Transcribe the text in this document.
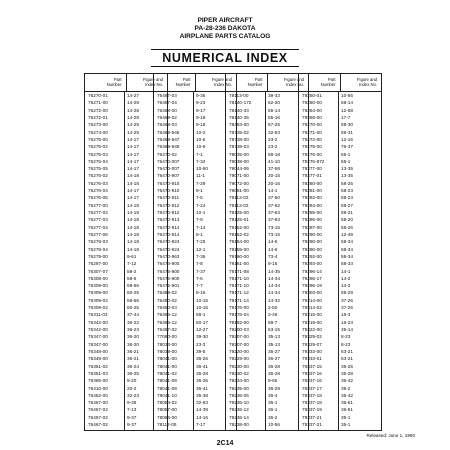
PIPER AIRCRAFT
PA-28-236 DAKOTA
AIRPLANE PARTS CATALOG
NUMERICAL INDEX
Part
Number
Figure and
Index No.
76270-01	14-27
76271-00	14-29
76272-00	14-28
76272-01	14-28
76273-00	14-29
76274-00	14-29
76275-00	14-17
76275-02	14-17
76275-03	14-17
76275-04	14-17
76275-05	14-17
76276-02	14-18
76276-03	14-18
76276-04	14-17
76276-05	14-17
76277-00	14-18
76277-02	14-18
76277-03	14-18
76277-04	14-18
76277-06	14-18
76278-03	14-18
76278-04	14-18
76279-00	9-61
76297-00	7-12
76307-07	58-2
76308-00	58-6
76309-00	58-56
76309-00	60-25
76309-02	58-56
76309-02	60-25
76311-03	37-44
76342-00	36-22
76342-00	36-23
76347-00	36-20
76347-00	36-20
76348-00	36-21
76349-00	36-21
76351-02	36-24
76351-03	36-25
76365-00	9-20
76410-00	20-2
76462-00	32-23
76467-00	9-35
76467-02	7-13
76467-02	9-37
76467-02	9-37
Part
Number
Figure and
Index No.
76467-03	9-36
76467-04	9-23
76468-00	9-17
76468-02	9-18
76468-03	9-18
76469-946	10-2
76469-947	10-6
76469-948	10-6
76470-02	7-1
76470-007	7-34
76470-007	10-50
76470-907	11-1
76470-910	7-29
76470-910	9-1
76470-911	7-5
76470-912	7-24
76470-912	10-1
76470-913	7-9
76470-914	7-14
76470-914	8-1
76470-924	7-25
76470-924	12-1
76470-963	7-36
76474-900	7-8
76475-900	7-37
76476-900	7-6
76476-901	7-7
76489-02	8-16
76490-02	10-15
76490-03	10-15
76496-12	58-1
76496-12	60-17
76497-02	12-27
77080-00	39-30
78033-00	23-3
78039-00	39-5
78041-00	35-26
78041-00	36-41
78041-02	35-28
78041-09	35-26
78041-09	36-41
78041-10	35-38
78054-02	32-63
78057-00	14-39
78086-00	14-16
78112-05	7-17
Part
Number
Figure and
Index No.
78113-00	39-33
78140-172	62-20
78140-33	65-14
78140-35	65-16
78483-00	67-25
78735-02	32-53
78738-00	23-2
78738-03	23-2
79035-00	58-18
79038-00	41-10
79044-06	37-58
79071-00	20-15
79072-00	20-16
79081-00	14-1
79112-02	37-50
79112-02	37-62
79125-00	37-63
79125-01	37-63
79152-00	73-15
79152-02	73-15
79154-00	14-6
79155-00	14-6
79160-00	73-4
79161-00	9-16
79171-08	14-35
79171-10	14-34
79171-10	14-34
79171-12	14-34
79171-14	14-32
79176-00	2-50
79176-04	2-49
79192-00	58-7
79200-03	63-15
79207-00	35-13
79207-00	35-13
79220-00	36-27
79229-00	36-27
79230-00	36-28
79230-02	36-28
79234-00	9-65
79235-00	36-29
79236-05	36-4
79236-10	36-1
79236-12	36-1
79236-14	36-2
79238-00	10-56
Part
Number
Figure and
Index No.
79250-01	10-56
79260-00	58-14
79264-00	12-58
79268-00	17-7
79270-00	58-30
79271-00	58-31
79272-00	12-16
79275-00	76-37
79276-00	55-1
79276-872	55-1
79277-00	13-35
79277-01	13-35
79280-00	58-25
79281-00	58-23
79282-00	58-23
79284-00	58-27
79285-00	58-21
79286-00	58-20
79287-00	58-26
79290-00	12-49
79290-00	58-34
79290-00	58-34
79292-00	58-34
79293-00	58-33
79296-14	14-1
79296-17	14-2
79296-19	14-2
79303-00	58-29
79314-00	37-26
79314-02	37-26
79315-00	16-3
79319-00	16-23
79322-00	35-14
79329-02	8-23
79329-07	8-23
79333-00	63-21
79333-01	63-21
79337-15	35-25
79337-16	35-28
79337-16	36-42
79337-17	35-2
79337-18	35-42
79337-18	36-51
79337-19	36-51
79337-21	35-1
79337-21	35-1
Released: June 1, 1990
2C14
